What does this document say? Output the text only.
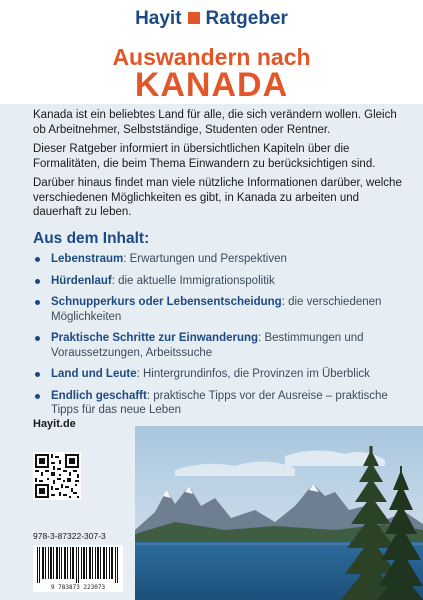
Hayit Ratgeber
Auswandern nach
KANADA

Kanada ist ein beliebtes Land für alle, die sich verändern wollen. Gleich ob Arbeitnehmer, Selbstständige, Studenten oder Rentner.

Dieser Ratgeber informiert in übersichtlichen Kapiteln über die Formalitäten, die beim Thema Einwandern zu berücksichtigen sind.

Darüber hinaus findet man viele nützliche Informationen darüber, welche verschiedenen Möglichkeiten es gibt, in Kanada zu arbeiten und dauerhaft zu leben.

Aus dem Inhalt:
Lebenstraum: Erwartungen und Perspektiven
Hürdenlauf: die aktuelle Immigrationspolitik
Schnupperkurs oder Lebensentscheidung: die verschiedenen Möglichkeiten
Praktische Schritte zur Einwanderung: Bestimmungen und Voraussetzungen, Arbeitssuche
Land und Leute: Hintergrundinfos, die Provinzen im Überblick
Endlich geschafft: praktische Tipps vor der Ausreise – praktische Tipps für das neue Leben
Hayit.de
978-3-87322-307-3
9 783873 223073
